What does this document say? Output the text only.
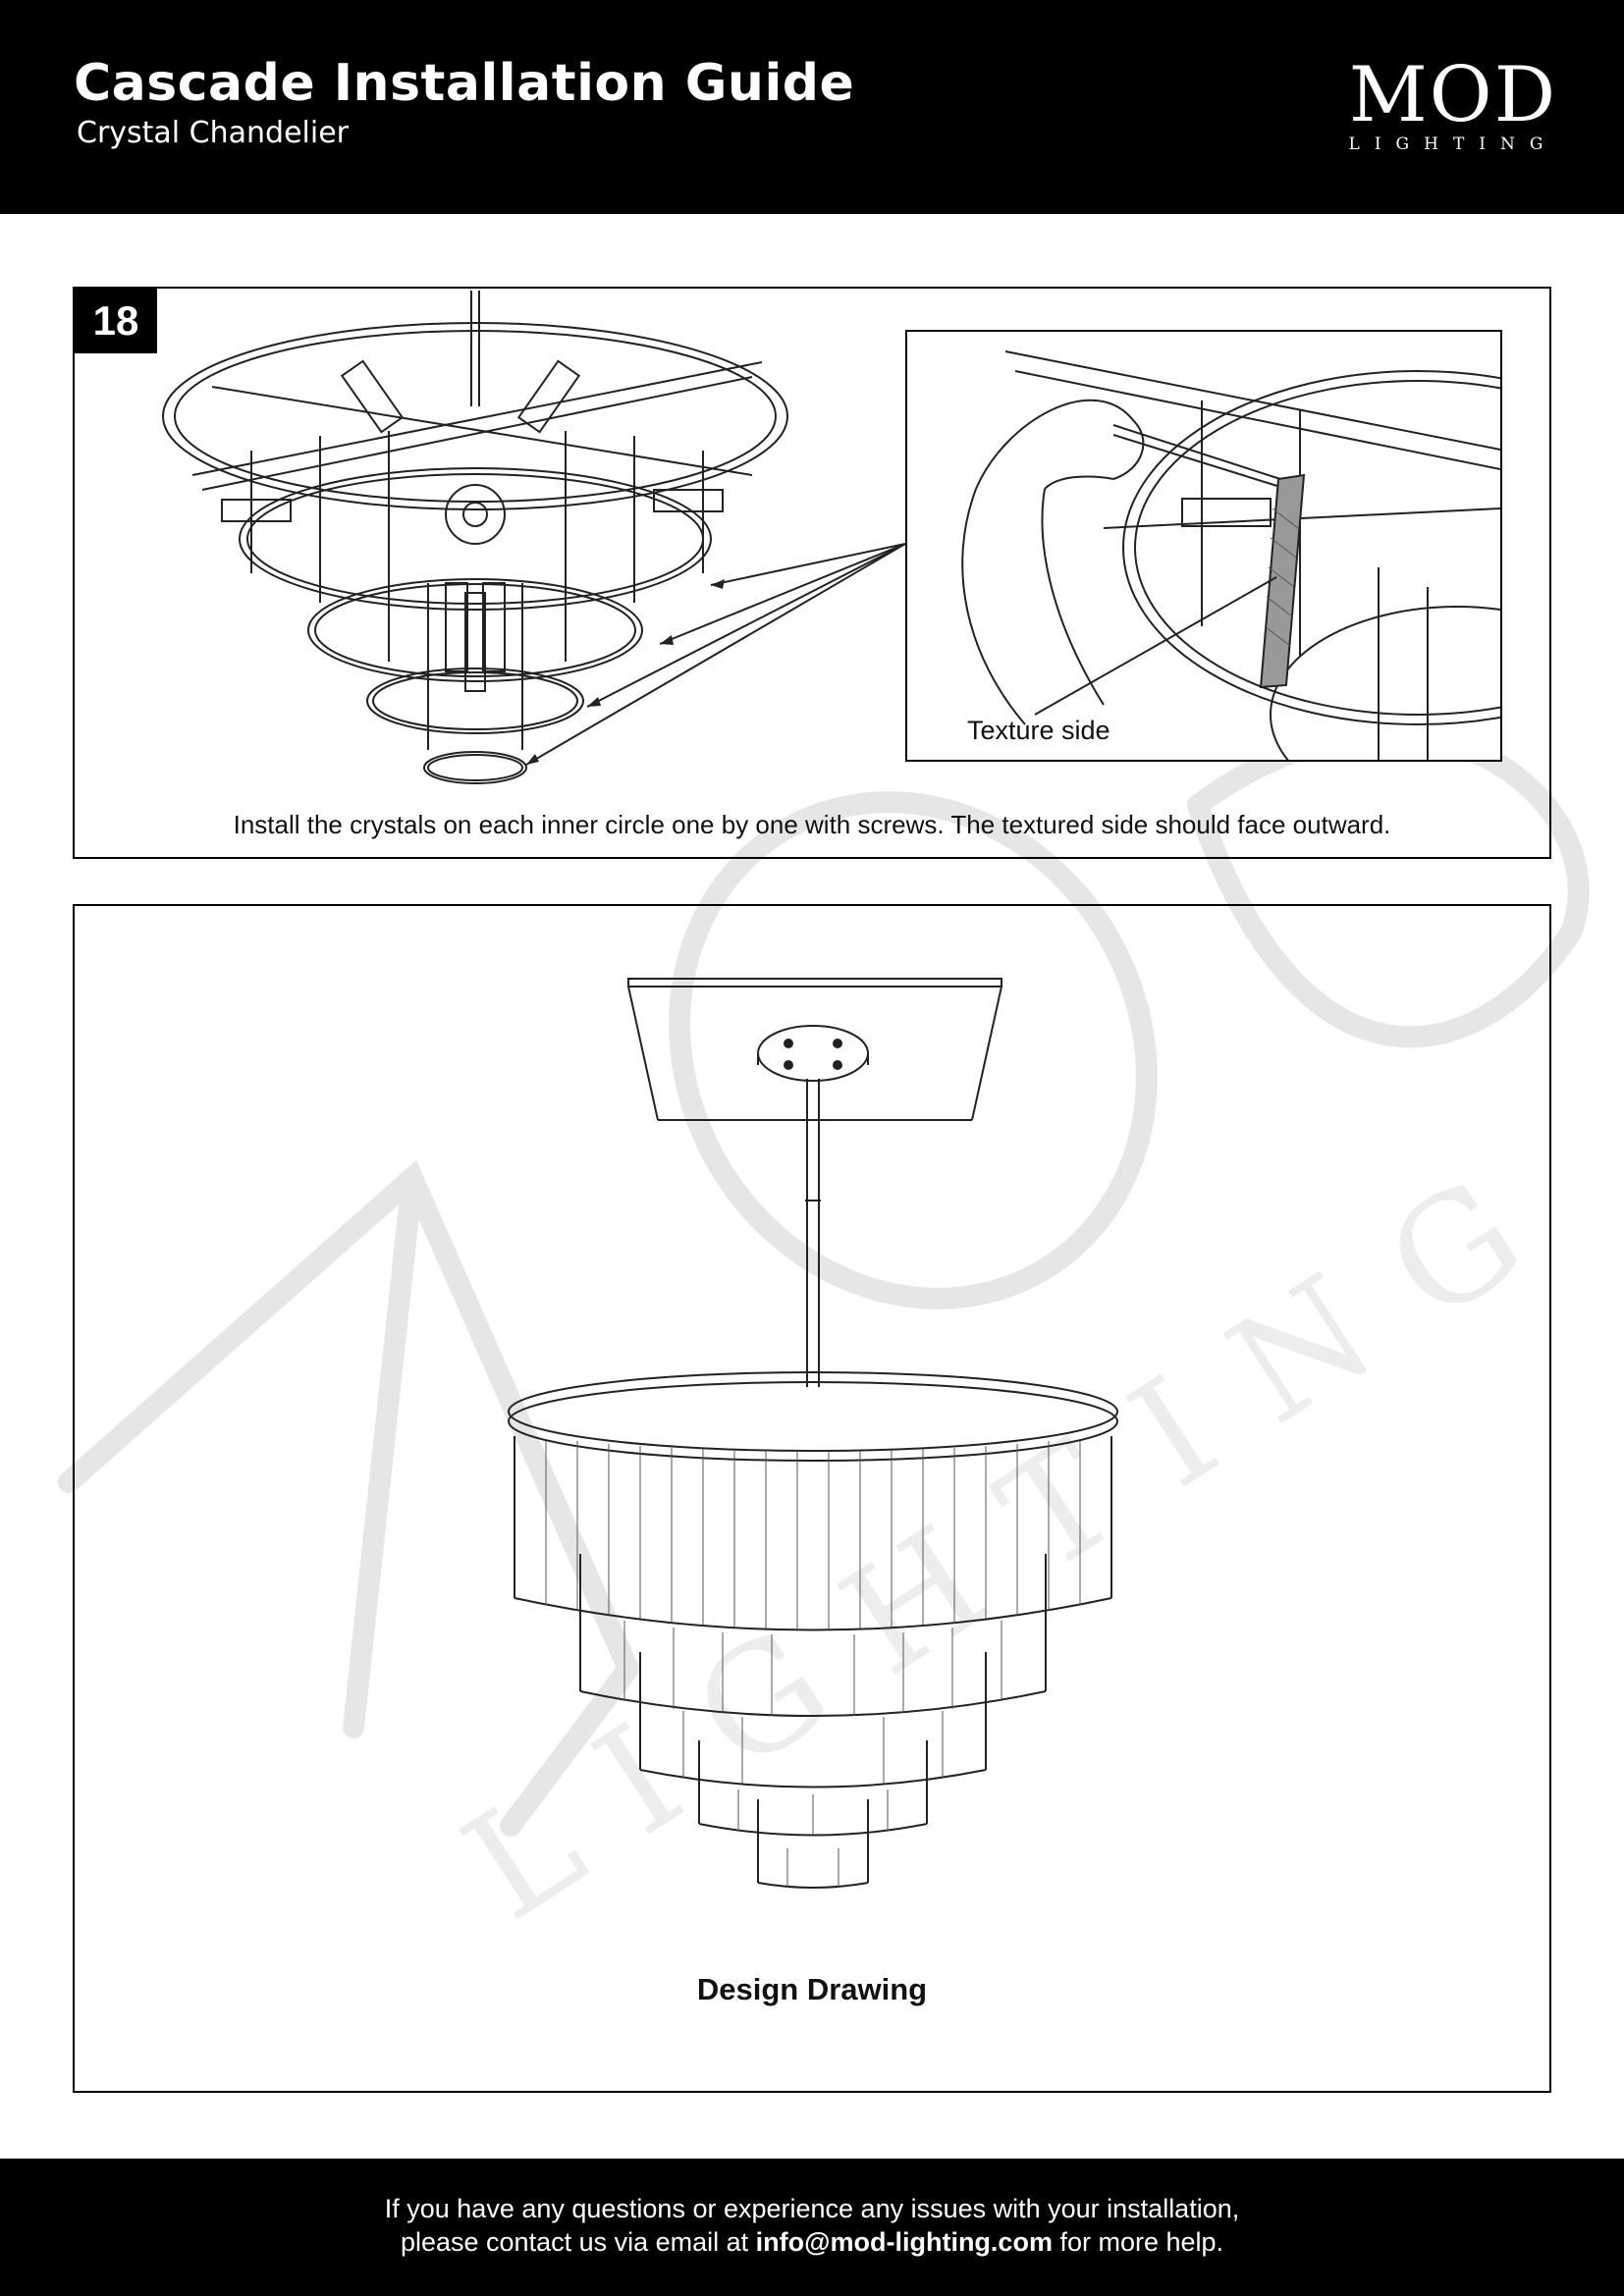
Cascade Installation Guide
Crystal Chandelier	MOD
LIGHTING
LIGHTING
18
Texture side
Install the crystals on each inner circle one by one with screws. The textured side should face outward.
Design Drawing
If you have any questions or experience any issues with your installation,
please contact us via email at info@mod-lighting.com for more help.
